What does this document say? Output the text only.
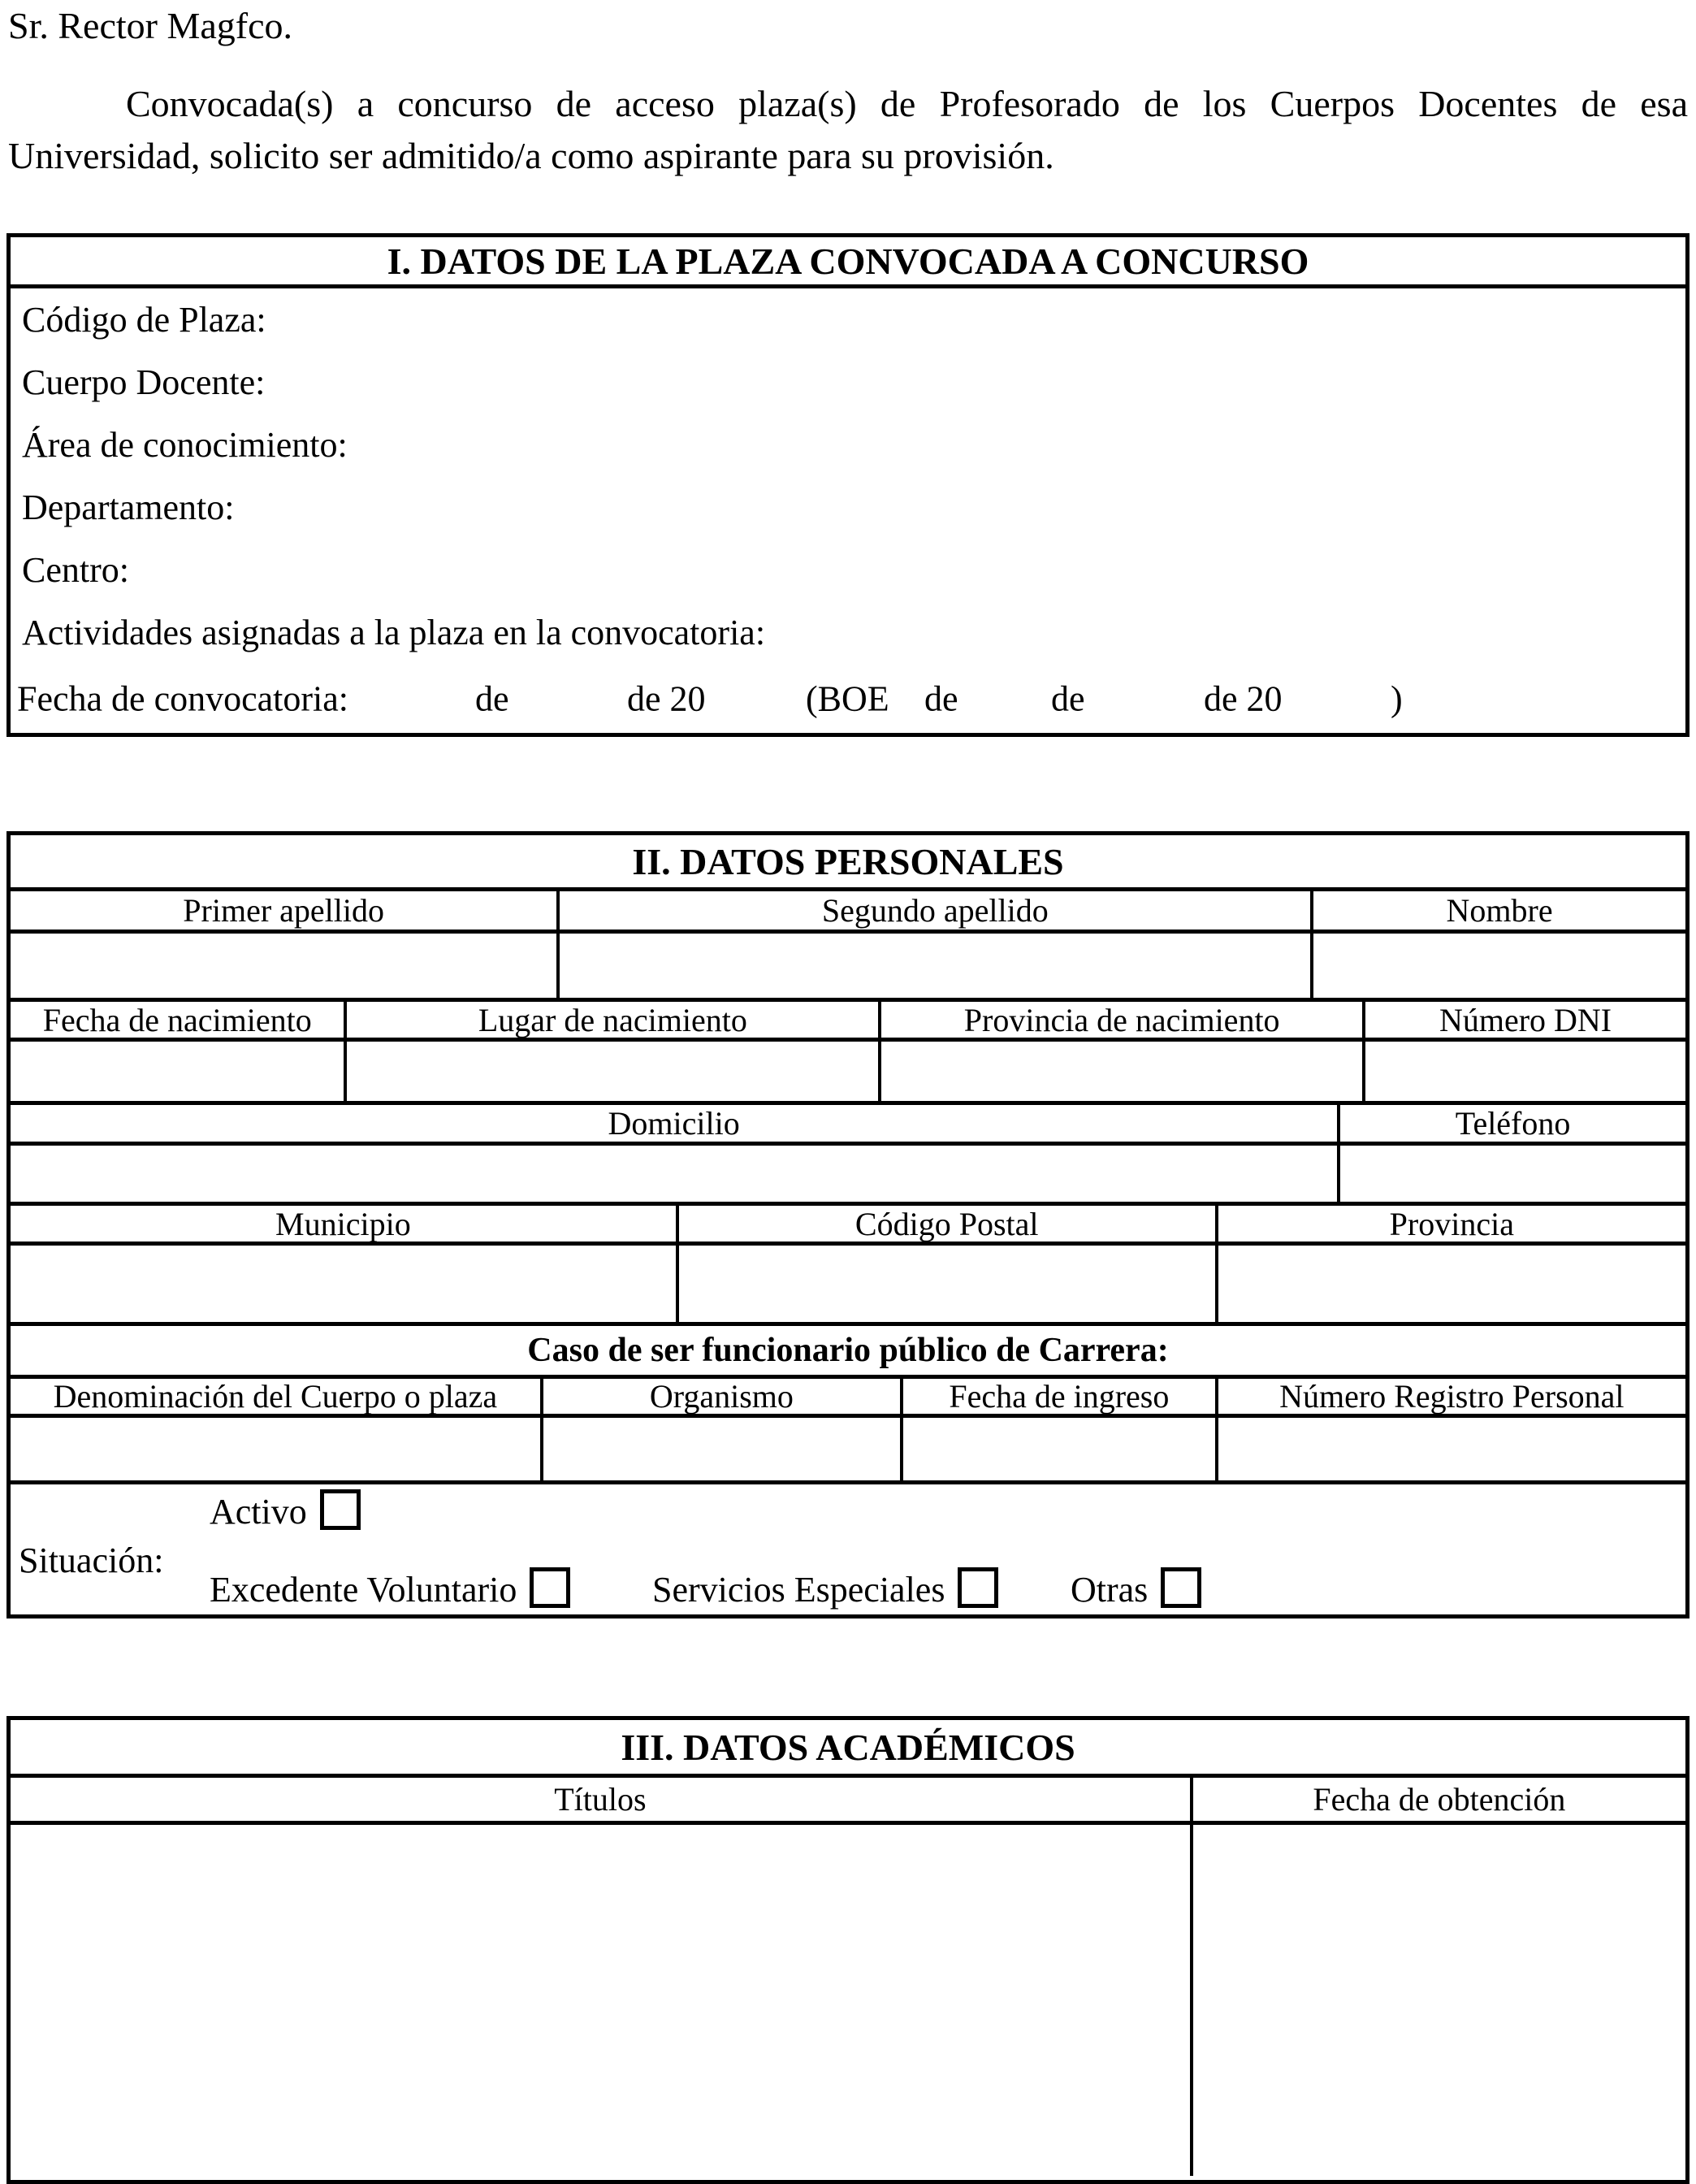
Sr. Rector Magfco.

Convocada(s) a concurso de acceso plaza(s) de Profesorado de los Cuerpos Docentes de esa Universidad, solicito ser admitido/a como aspirante para su provisión.

I. DATOS DE LA PLAZA CONVOCADA A CONCURSO
Código de Plaza:
Cuerpo Docente:
Área de conocimiento:
Departamento:
Centro:
Actividades asignadas a la plaza en la convocatoria:
Fecha de convocatoria:	de	de 20	(BOE de	de	de 20	)
II. DATOS PERSONALES
Primer apellido	Segundo apellido	Nombre
Fecha de nacimiento	Lugar de nacimiento	Provincia de nacimiento	Número DNI
Domicilio	Teléfono
Municipio	Código Postal	Provincia
Caso de ser funcionario público de Carrera:
Denominación del Cuerpo o plaza	Organismo	Fecha de ingreso	Número Registro Personal
Activo
Situación:
Excedente Voluntario	Servicios Especiales	Otras
III. DATOS ACADÉMICOS
Títulos	Fecha de obtención
